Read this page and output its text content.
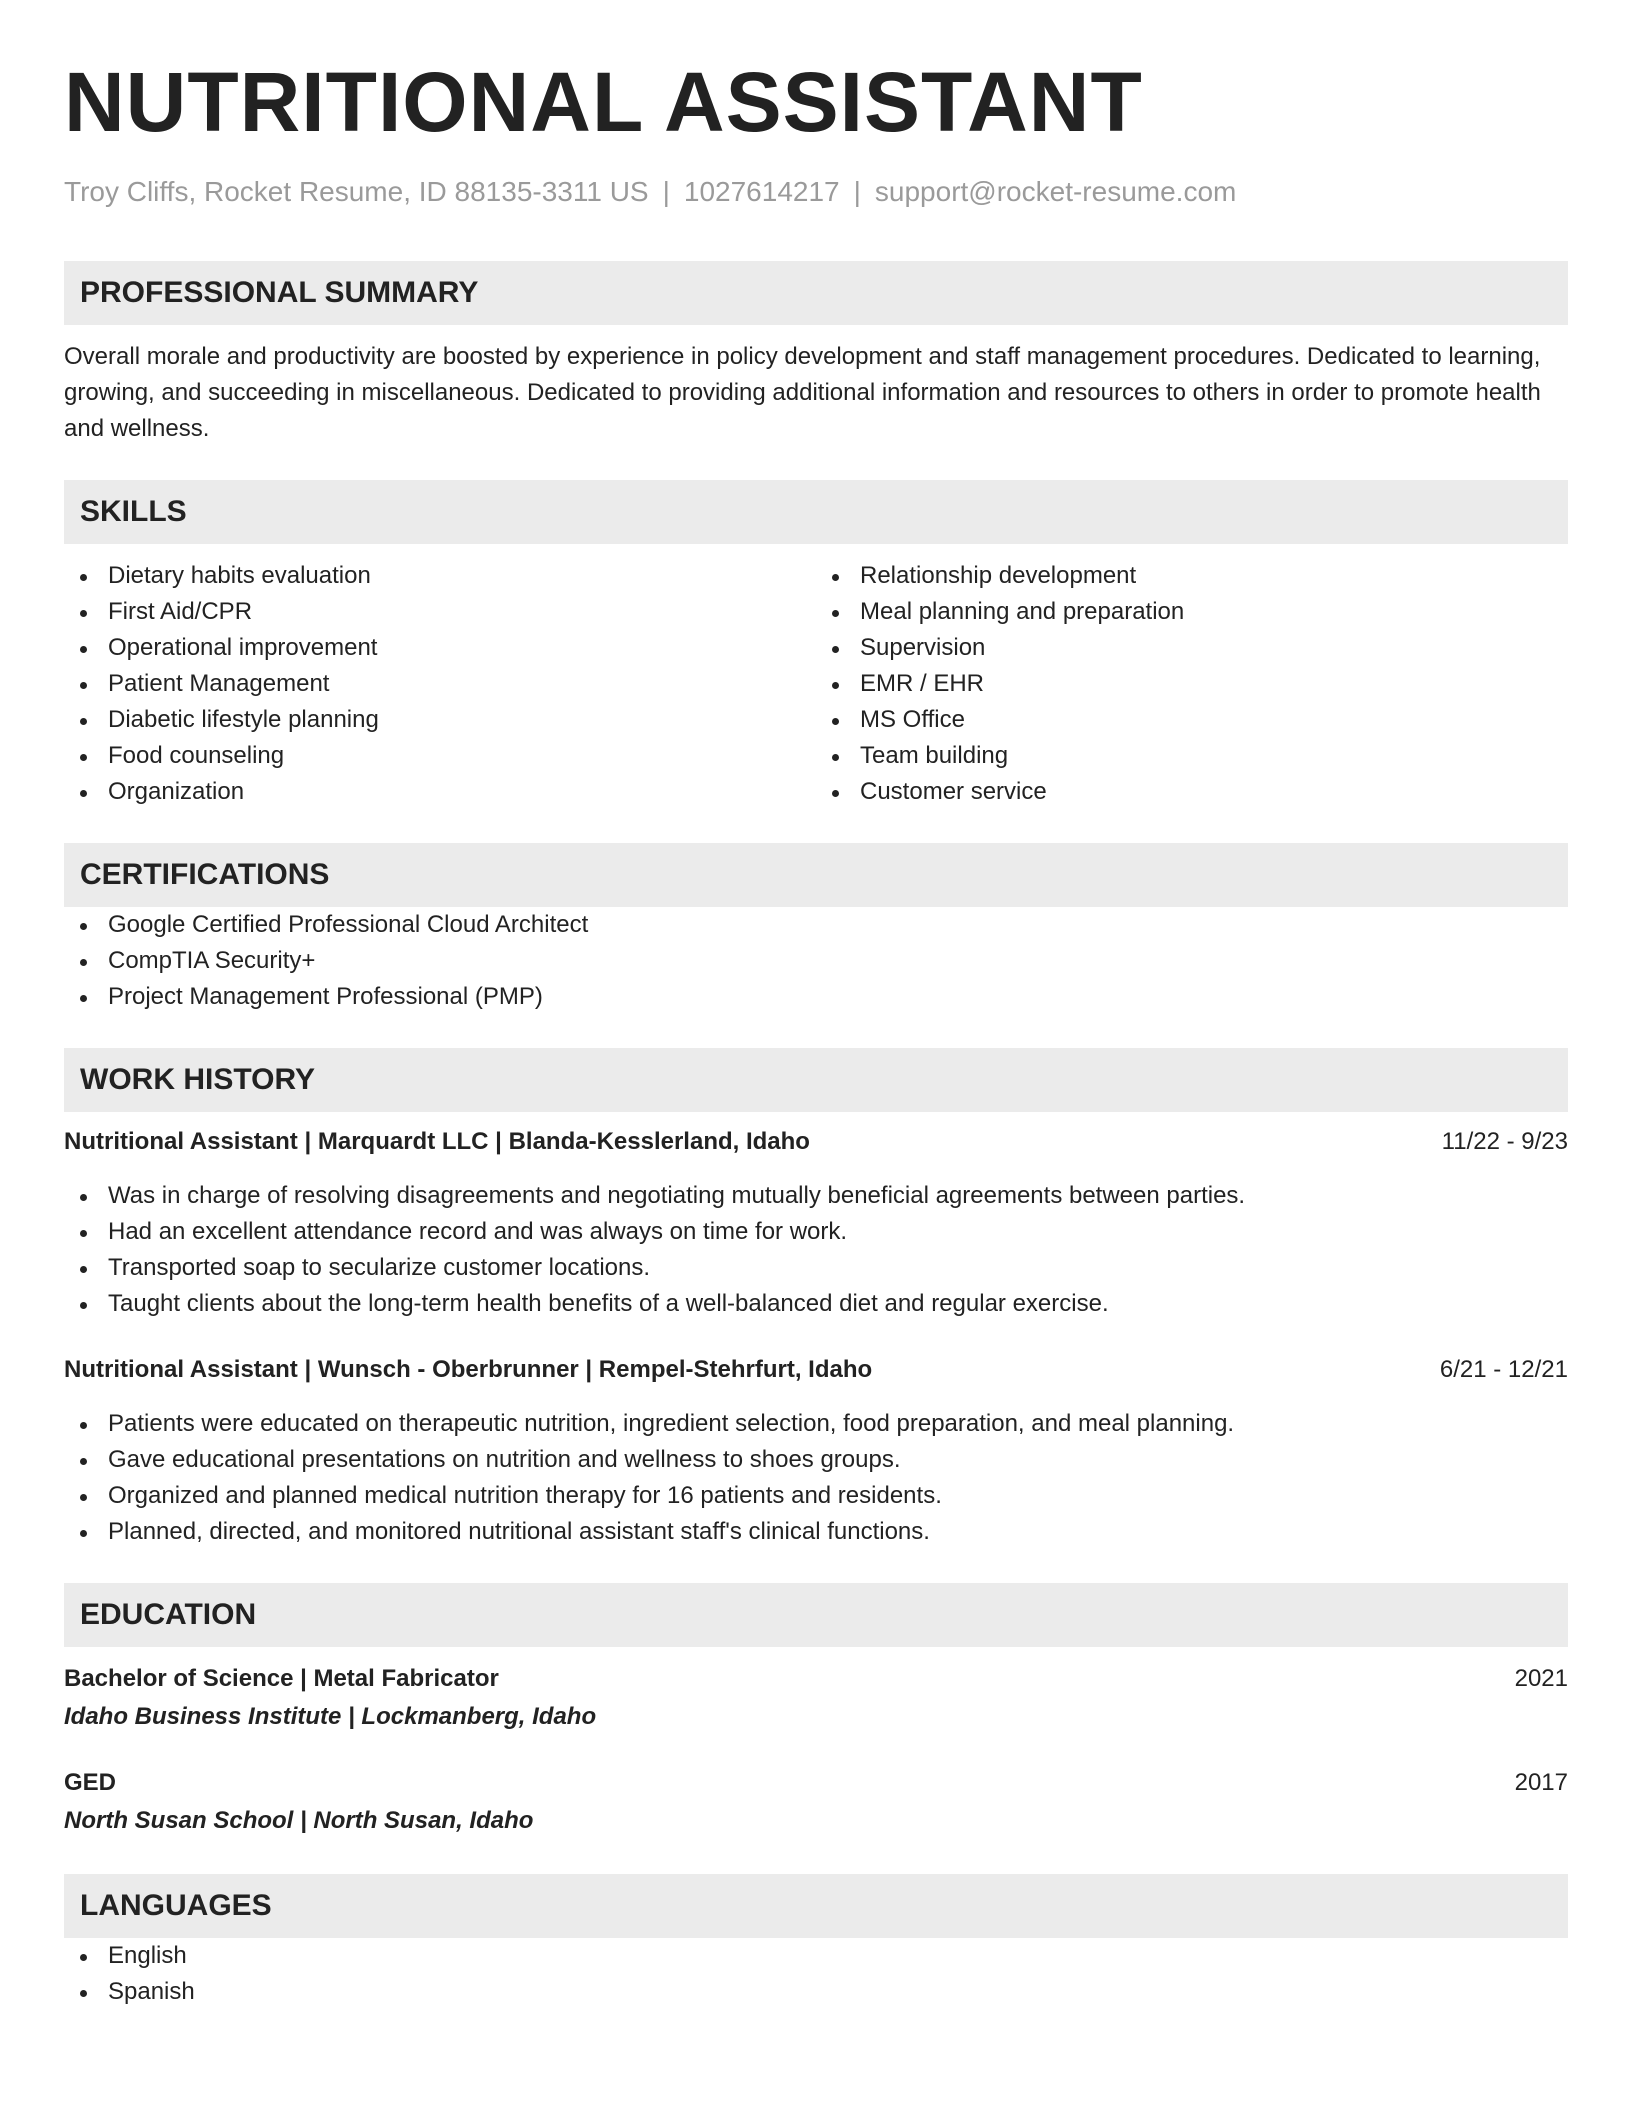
NUTRITIONAL ASSISTANT
Troy Cliffs, Rocket Resume, ID 88135-3311 US | 1027614217 | support@rocket-resume.com
PROFESSIONAL SUMMARY
Overall morale and productivity are boosted by experience in policy development and staff management procedures. Dedicated to learning, growing, and succeeding in miscellaneous. Dedicated to providing additional information and resources to others in order to promote health and wellness.
SKILLS
Dietary habits evaluation
First Aid/CPR
Operational improvement
Patient Management
Diabetic lifestyle planning
Food counseling
Organization
Relationship development
Meal planning and preparation
Supervision
EMR / EHR
MS Office
Team building
Customer service
CERTIFICATIONS
Google Certified Professional Cloud Architect
CompTIA Security+
Project Management Professional (PMP)
WORK HISTORY
Nutritional Assistant | Marquardt LLC | Blanda-Kesslerland, Idaho	11/22 - 9/23
Was in charge of resolving disagreements and negotiating mutually beneficial agreements between parties.
Had an excellent attendance record and was always on time for work.
Transported soap to secularize customer locations.
Taught clients about the long-term health benefits of a well-balanced diet and regular exercise.
Nutritional Assistant | Wunsch - Oberbrunner | Rempel-Stehrfurt, Idaho	6/21 - 12/21
Patients were educated on therapeutic nutrition, ingredient selection, food preparation, and meal planning.
Gave educational presentations on nutrition and wellness to shoes groups.
Organized and planned medical nutrition therapy for 16 patients and residents.
Planned, directed, and monitored nutritional assistant staff's clinical functions.
EDUCATION
Bachelor of Science | Metal Fabricator	2021
Idaho Business Institute | Lockmanberg, Idaho
GED	2017
North Susan School | North Susan, Idaho
LANGUAGES
English
Spanish
